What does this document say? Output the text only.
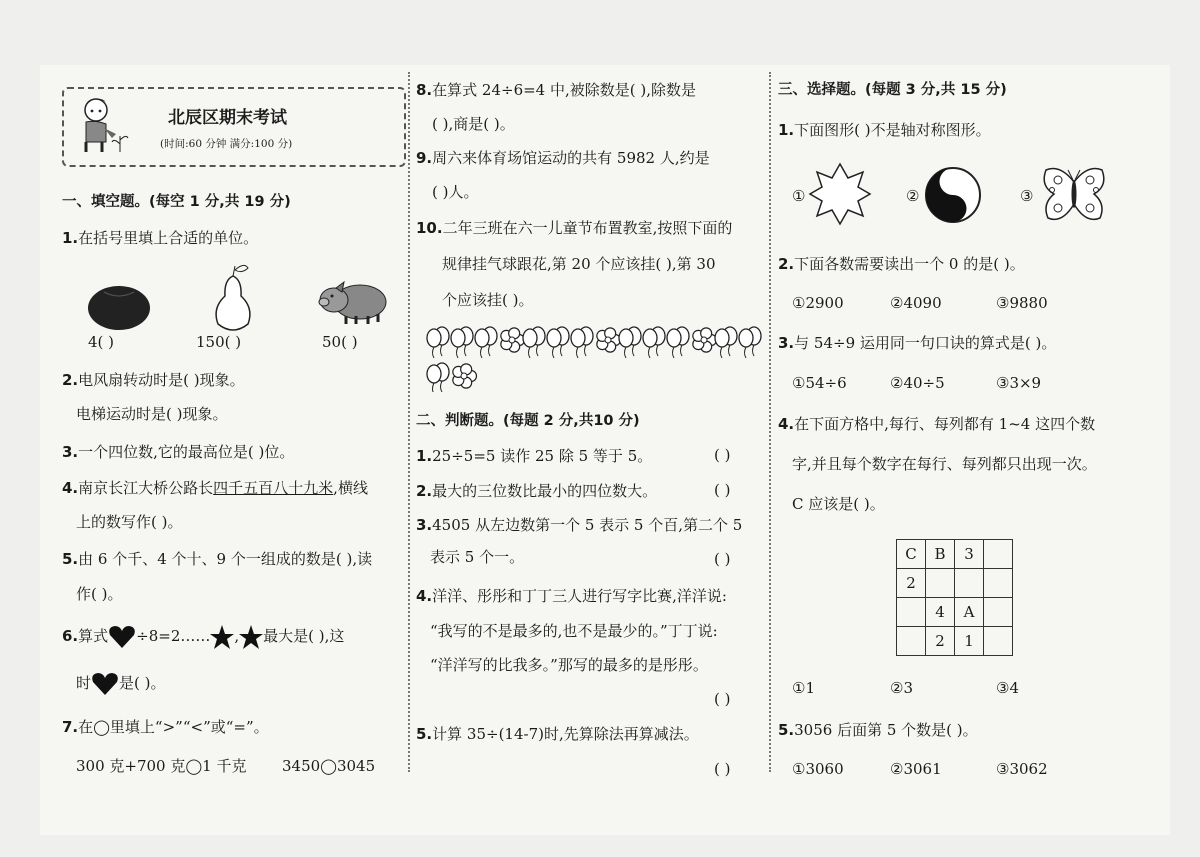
北辰区期末考试
(时间:60 分钟 满分:100 分)
一、填空题。(每空 1 分,共 19 分)
1.在括号里填上合适的单位。
4( )	150( )	50( )
2.电风扇转动时是( )现象。
电梯运动时是( )现象。
3.一个四位数,它的最高位是( )位。
4.南京长江大桥公路长四千五百八十九米,横线
上的数写作( )。
5.由 6 个千、4 个十、9 个一组成的数是( ),读
作( )。
6.算式 ÷8=2…… , 最大是( ),这
时 是( )。
7.在◯里填上“>”“<”或“=”。
300 克+700 克◯1 千克 3450◯3045
8.在算式 24÷6=4 中,被除数是( ),除数是
( ),商是( )。
9.周六来体育场馆运动的共有 5982 人,约是
( )人。
10.二年三班在六一儿童节布置教室,按照下面的
规律挂气球跟花,第 20 个应该挂( ),第 30
个应该挂( )。
二、判断题。(每题 2 分,共10 分)
1.25÷5=5 读作 25 除 5 等于 5。	( )
2.最大的三位数比最小的四位数大。	( )
3.4505 从左边数第一个 5 表示 5 个百,第二个 5
表示 5 个一。	( )
4.洋洋、彤彤和丁丁三人进行写字比赛,洋洋说:
“我写的不是最多的,也不是最少的。”丁丁说:
“洋洋写的比我多。”那写的最多的是彤彤。
( )
5.计算 35÷(14-7)时,先算除法再算减法。
( )
三、选择题。(每题 3 分,共 15 分)
1.下面图形( )不是轴对称图形。
①	②	③
2.下面各数需要读出一个 0 的是( )。
①2900	②4090	③9880
3.与 54÷9 运用同一句口诀的算式是( )。
①54÷6	②40÷5	③3×9
4.在下面方格中,每行、每列都有 1~4 这四个数
字,并且每个数字在每行、每列都只出现一次。
C 应该是( )。
C	B	3	
2			
	4	A	
	2	1	
①1	②3	③4
5.3056 后面第 5 个数是( )。
①3060	②3061	③3062
